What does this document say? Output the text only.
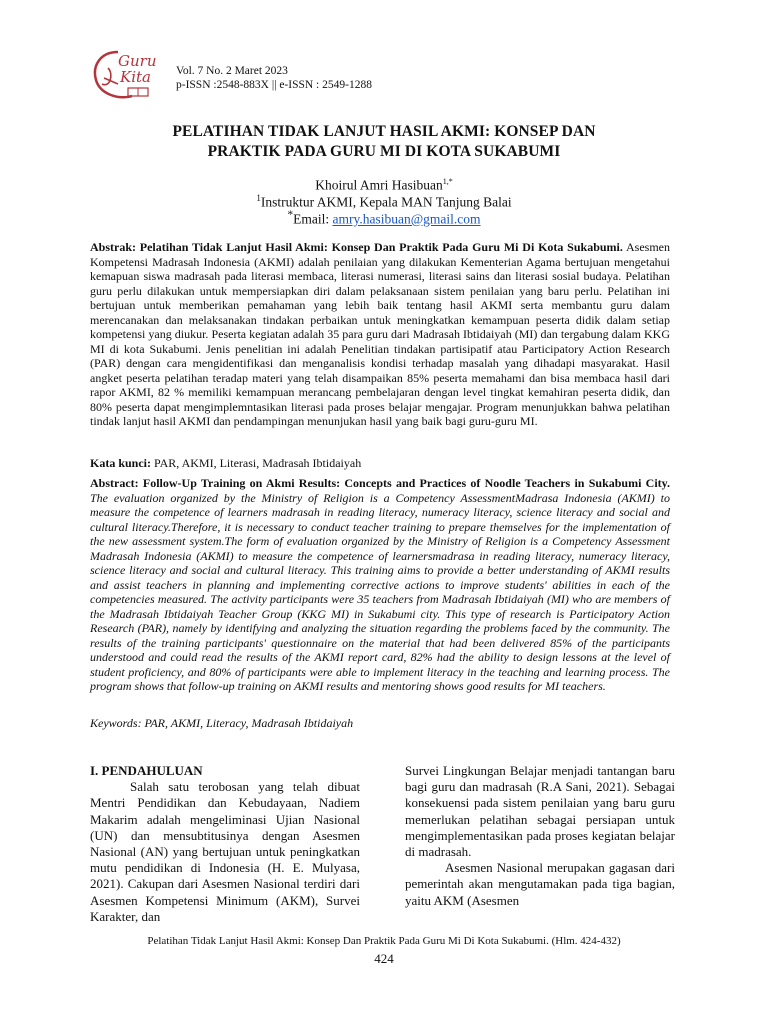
Guru
Kita Vol. 7 No. 2 Maret 2023
p-ISSN :2548-883X || e-ISSN : 2549-1288
PELATIHAN TIDAK LANJUT HASIL AKMI: KONSEP DAN
PRAKTIK PADA GURU MI DI KOTA SUKABUMI
Khoirul Amri Hasibuan$^{1,*}$
$^1$Instruktur AKMI, Kepala MAN Tanjung Balai
*Email: amry.hasibuan@gmail.com
Abstrak: Pelatihan Tidak Lanjut Hasil Akmi: Konsep Dan Praktik Pada Guru Mi Di Kota Sukabumi. Asesmen Kompetensi Madrasah Indonesia (AKMI) adalah penilaian yang dilakukan Kementerian Agama bertujuan mengetahui kemapuan siswa madrasah pada literasi membaca, literasi numerasi, literasi sains dan literasi sosial budaya. Pelatihan guru perlu dilakukan untuk mempersiapkan diri dalam pelaksanaan sistem penilaian yang baru perlu. Pelatihan ini bertujuan untuk memberikan pemahaman yang lebih baik tentang hasil AKMI serta membantu guru dalam merencanakan dan melaksanakan tindakan perbaikan untuk meningkatkan kemampuan peserta didik dalam setiap kompetensi yang diukur. Peserta kegiatan adalah 35 para guru dari Madrasah Ibtidaiyah (MI) dan tergabung dalam KKG MI di kota Sukabumi. Jenis penelitian ini adalah Penelitian tindakan partisipatif atau Participatory Action Research (PAR) dengan cara mengidentifikasi dan menganalisis kondisi terhadap masalah yang dihadapi masyarakat. Hasil angket peserta pelatihan teradap materi yang telah disampaikan 85% peserta memahami dan bisa membaca hasil dari rapor AKMI, 82 % memiliki kemampuan merancang pembelajaran dengan level tingkat kemahiran peserta didik, dan 80% peserta dapat mengimplemntasikan literasi pada proses belajar mengajar. Program menunjukkan bahwa pelatihan tindak lanjut hasil AKMI dan pendampingan menunjukan hasil yang baik bagi guru-guru MI.
Kata kunci: PAR, AKMI, Literasi, Madrasah Ibtidaiyah
Abstract: Follow-Up Training on Akmi Results: Concepts and Practices of Noodle Teachers in Sukabumi City. The evaluation organized by the Ministry of Religion is a Competency AssessmentMadrasa Indonesia (AKMI) to measure the competence of learners madrasah in reading literacy, numeracy literacy, science literacy and social and cultural literacy.Therefore, it is necessary to conduct teacher training to prepare themselves for the implementation of the new assessment system.The form of evaluation organized by the Ministry of Religion is a Competency Assessment Madrasah Indonesia (AKMI) to measure the competence of learnersmadrasa in reading literacy, numeracy literacy, science literacy and social and cultural literacy. This training aims to provide a better understanding of AKMI results and assist teachers in planning and implementing corrective actions to improve students' abilities in each of the competencies measured. The activity participants were 35 teachers from Madrasah Ibtidaiyah (MI) who are members of the Madrasah Ibtidaiyah Teacher Group (KKG MI) in Sukabumi city. This type of research is Participatory Action Research (PAR), namely by identifying and analyzing the situation regarding the problems faced by the community. The results of the training participants' questionnaire on the material that had been delivered 85% of the participants understood and could read the results of the AKMI report card, 82% had the ability to design lessons at the level of student proficiency, and 80% of participants were able to implement literacy in the teaching and learning process. The program shows that follow-up training on AKMI results and mentoring shows good results for MI teachers.
Keywords: PAR, AKMI, Literacy, Madrasah Ibtidaiyah

I. PENDAHULUAN

Salah satu terobosan yang telah dibuat Mentri Pendidikan dan Kebudayaan, Nadiem Makarim adalah mengeliminasi Ujian Nasional (UN) dan mensubtitusinya dengan Asesmen Nasional (AN) yang bertujuan untuk peningkatkan mutu pendidikan di Indonesia (H. E. Mulyasa, 2021). Cakupan dari Asesmen Nasional terdiri dari Asesmen Kompetensi Minimum (AKM), Survei Karakter, dan

Survei Lingkungan Belajar menjadi tantangan baru bagi guru dan madrasah (R.A Sani, 2021). Sebagai konsekuensi pada sistem penilaian yang baru guru memerlukan pelatihan sebagai persiapan untuk mengimplementasikan pada proses kegiatan belajar di madrasah.

Asesmen Nasional merupakan gagasan dari pemerintah akan mengutamakan pada tiga bagian, yaitu AKM (Asesmen

Pelatihan Tidak Lanjut Hasil Akmi: Konsep Dan Praktik Pada Guru Mi Di Kota Sukabumi. (Hlm. 424-432)
424
